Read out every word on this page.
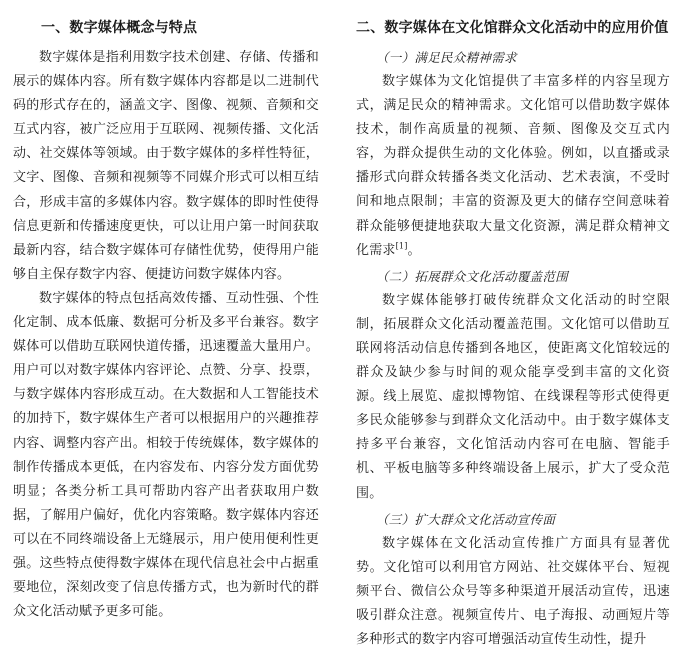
一、数字媒体概念与特点

数字媒体是指利用数字技术创建、存储、传播和展示的媒体内容。所有数字媒体内容都是以二进制代码的形式存在的，涵盖文字、图像、视频、音频和交互式内容，被广泛应用于互联网、视频传播、文化活动、社交媒体等领域。由于数字媒体的多样性特征，文字、图像、音频和视频等不同媒介形式可以相互结合，形成丰富的多媒体内容。数字媒体的即时性使得信息更新和传播速度更快，可以让用户第一时间获取最新内容，结合数字媒体可存储性优势，使得用户能够自主保存数字内容、便捷访问数字媒体内容。

数字媒体的特点包括高效传播、互动性强、个性化定制、成本低廉、数据可分析及多平台兼容。数字媒体可以借助互联网快道传播，迅速覆盖大量用户。用户可以对数字媒体内容评论、点赞、分享、投票，与数字媒体内容形成互动。在大数据和人工智能技术的加持下，数字媒体生产者可以根据用户的兴趣推荐内容、调整内容产出。相较于传统媒体，数字媒体的制作传播成本更低，在内容发布、内容分发方面优势明显；各类分析工具可帮助内容产出者获取用户数据，了解用户偏好，优化内容策略。数字媒体内容还可以在不同终端设备上无缝展示，用户使用便利性更强。这些特点使得数字媒体在现代信息社会中占据重要地位，深刻改变了信息传播方式，也为新时代的群众文化活动赋予更多可能。

二、数字媒体在文化馆群众文化活动中的应用价值
（一）满足民众精神需求

数字媒体为文化馆提供了丰富多样的内容呈现方式，满足民众的精神需求。文化馆可以借助数字媒体技术，制作高质量的视频、音频、图像及交互式内容，为群众提供生动的文化体验。例如，以直播或录播形式向群众转播各类文化活动、艺术表演，不受时间和地点限制；丰富的资源及更大的储存空间意味着群众能够便捷地获取大量文化资源，满足群众精神文化需求[1]。

（二）拓展群众文化活动覆盖范围

数字媒体能够打破传统群众文化活动的时空限制，拓展群众文化活动覆盖范围。文化馆可以借助互联网将活动信息传播到各地区，使距离文化馆较远的群众及缺少参与时间的观众能享受到丰富的文化资源。线上展览、虚拟博物馆、在线课程等形式使得更多民众能够参与到群众文化活动中。由于数字媒体支持多平台兼容，文化馆活动内容可在电脑、智能手机、平板电脑等多种终端设备上展示，扩大了受众范围。

（三）扩大群众文化活动宣传面

数字媒体在文化活动宣传推广方面具有显著优势。文化馆可以利用官方网站、社交媒体平台、短视频平台、微信公众号等多种渠道开展活动宣传，迅速吸引群众注意。视频宣传片、电子海报、动画短片等多种形式的数字内容可增强活动宣传生动性，提升
